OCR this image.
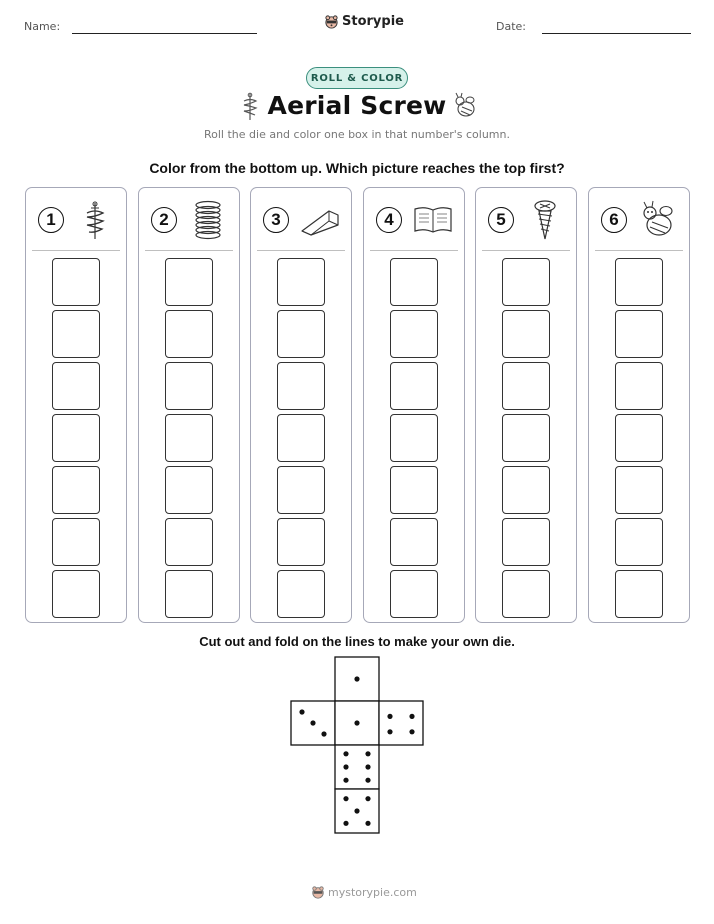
Name:	Storypie	Date:
ROLL & COLOR
Aerial Screw
Roll the die and color one box in that number's column.
Color from the bottom up. Which picture reaches the top first?
1	2	3	4	5	6
Cut out and fold on the lines to make your own die.
mystorypie.com
